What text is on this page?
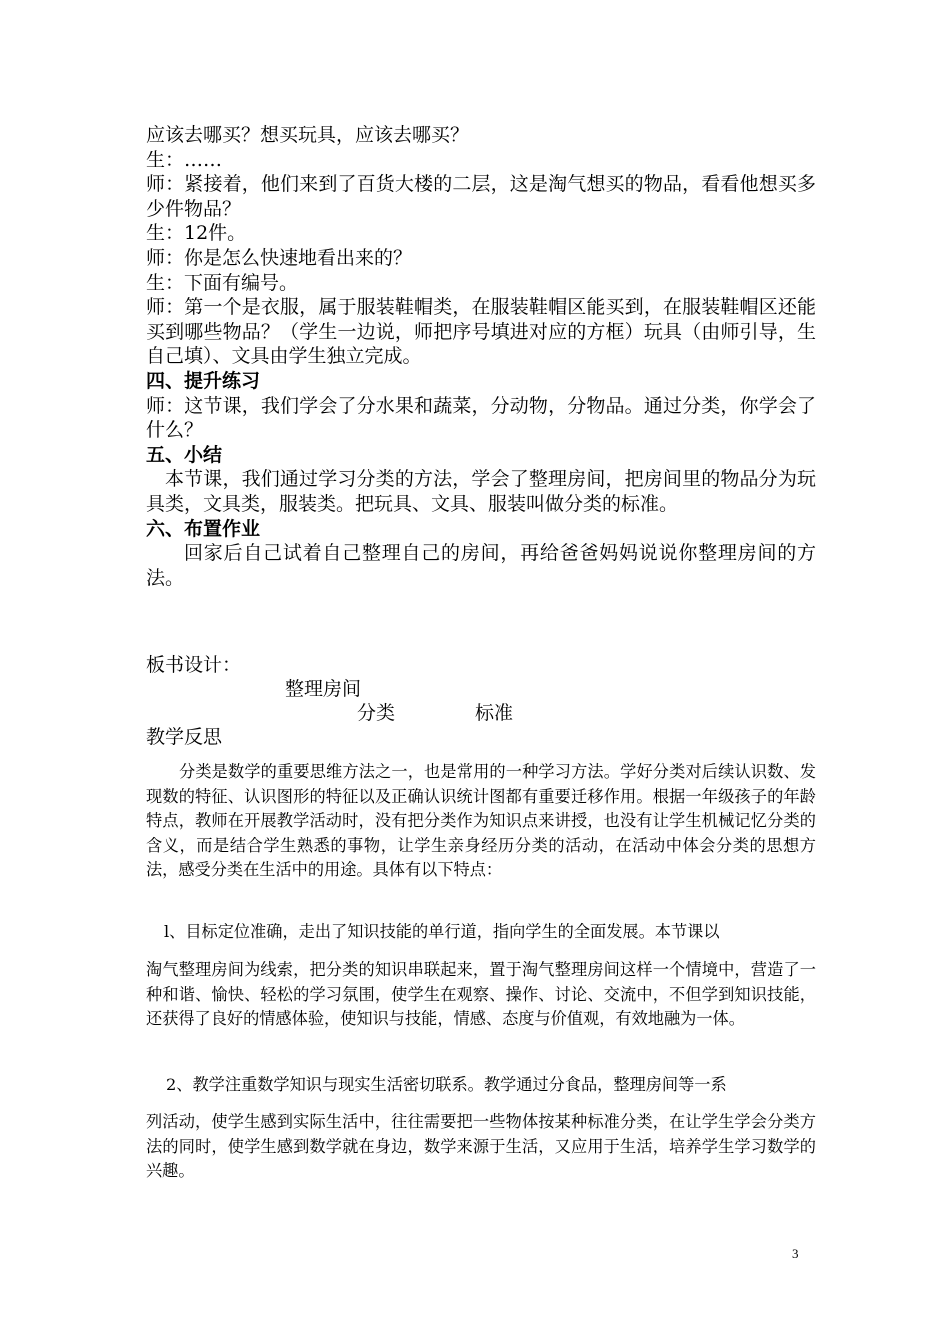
应该去哪买？想买玩具，应该去哪买？

生：……

师：紧接着，他们来到了百货大楼的二层，这是淘气想买的物品，看看他想买多少件物品？

生：12件。

师：你是怎么快速地看出来的？

生：下面有编号。

师：第一个是衣服，属于服装鞋帽类，在服装鞋帽区能买到，在服装鞋帽区还能买到哪些物品？（学生一边说，师把序号填进对应的方框）玩具（由师引导，生自己填）、文具由学生独立完成。

四、提升练习

师：这节课，我们学会了分水果和蔬菜，分动物，分物品。通过分类，你学会了什么？

五、小结

本节课，我们通过学习分类的方法，学会了整理房间，把房间里的物品分为玩具类，文具类，服装类。把玩具、文具、服装叫做分类的标准。

六、布置作业

回家后自己试着自己整理自己的房间，再给爸爸妈妈说说你整理房间的方法。

板书设计：
整理房间
分类	标准
教学反思

分类是数学的重要思维方法之一，也是常用的一种学习方法。学好分类对后续认识数、发现数的特征、认识图形的特征以及正确认识统计图都有重要迁移作用。根据一年级孩子的年龄特点，教师在开展教学活动时，没有把分类作为知识点来讲授，也没有让学生机械记忆分类的含义，而是结合学生熟悉的事物，让学生亲身经历分类的活动，在活动中体会分类的思想方法，感受分类在生活中的用途。具体有以下特点：

l、目标定位准确，走出了知识技能的单行道，指向学生的全面发展。本节课以

淘气整理房间为线索，把分类的知识串联起来，置于淘气整理房间这样一个情境中，营造了一种和谐、愉快、轻松的学习氛围，使学生在观察、操作、讨论、交流中，不但学到知识技能，还获得了良好的情感体验，使知识与技能，情感、态度与价值观，有效地融为一体。

2、教学注重数学知识与现实生活密切联系。教学通过分食品，整理房间等一系

列活动，使学生感到实际生活中，往往需要把一些物体按某种标准分类，在让学生学会分类方法的同时，使学生感到数学就在身边，数学来源于生活，又应用于生活，培养学生学习数学的兴趣。

3
